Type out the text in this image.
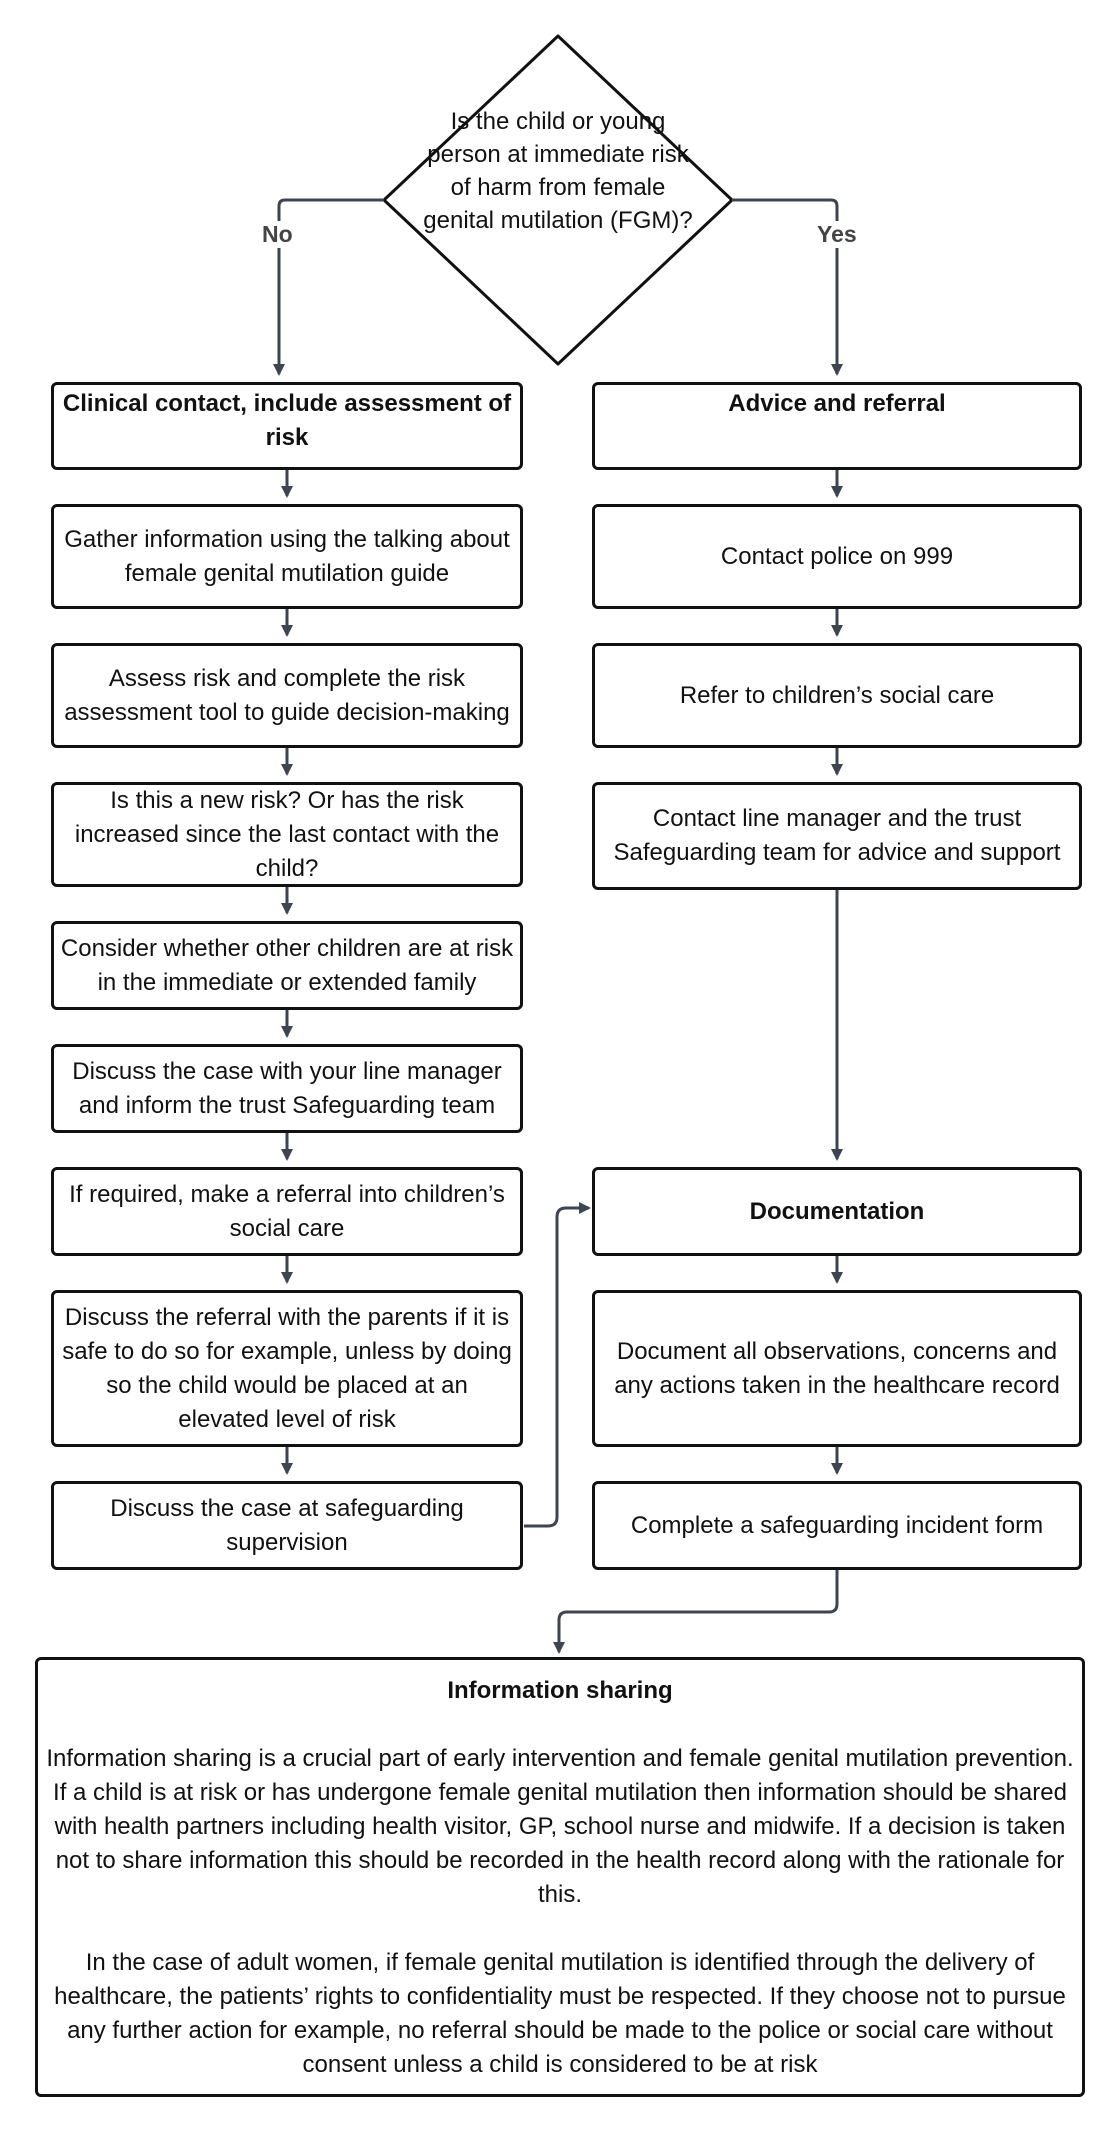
Is the child or young person at immediate risk of harm from female genital mutilation (FGM)?
No	Yes
Clinical contact, include assessment of risk
Gather information using the talking about female genital mutilation guide
Assess risk and complete the risk assessment tool to guide decision-making
Is this a new risk? Or has the risk increased since the last contact with the child?
Consider whether other children are at risk in the immediate or extended family
Discuss the case with your line manager and inform the trust Safeguarding team
If required, make a referral into children’s social care
Discuss the referral with the parents if it is safe to do so for example, unless by doing so the child would be placed at an elevated level of risk
Discuss the case at safeguarding supervision
Advice and referral
Contact police on 999
Refer to children’s social care
Contact line manager and the trust Safeguarding team for advice and support
Documentation
Document all observations, concerns and any actions taken in the healthcare record
Complete a safeguarding incident form
Information sharing

Information sharing is a crucial part of early intervention and female genital mutilation prevention. If a child is at risk or has undergone female genital mutilation then information should be shared with health partners including health visitor, GP, school nurse and midwife. If a decision is taken not to share information this should be recorded in the health record along with the rationale for this.

In the case of adult women, if female genital mutilation is identified through the delivery of healthcare, the patients’ rights to confidentiality must be respected. If they choose not to pursue any further action for example, no referral should be made to the police or social care without consent unless a child is considered to be at risk
